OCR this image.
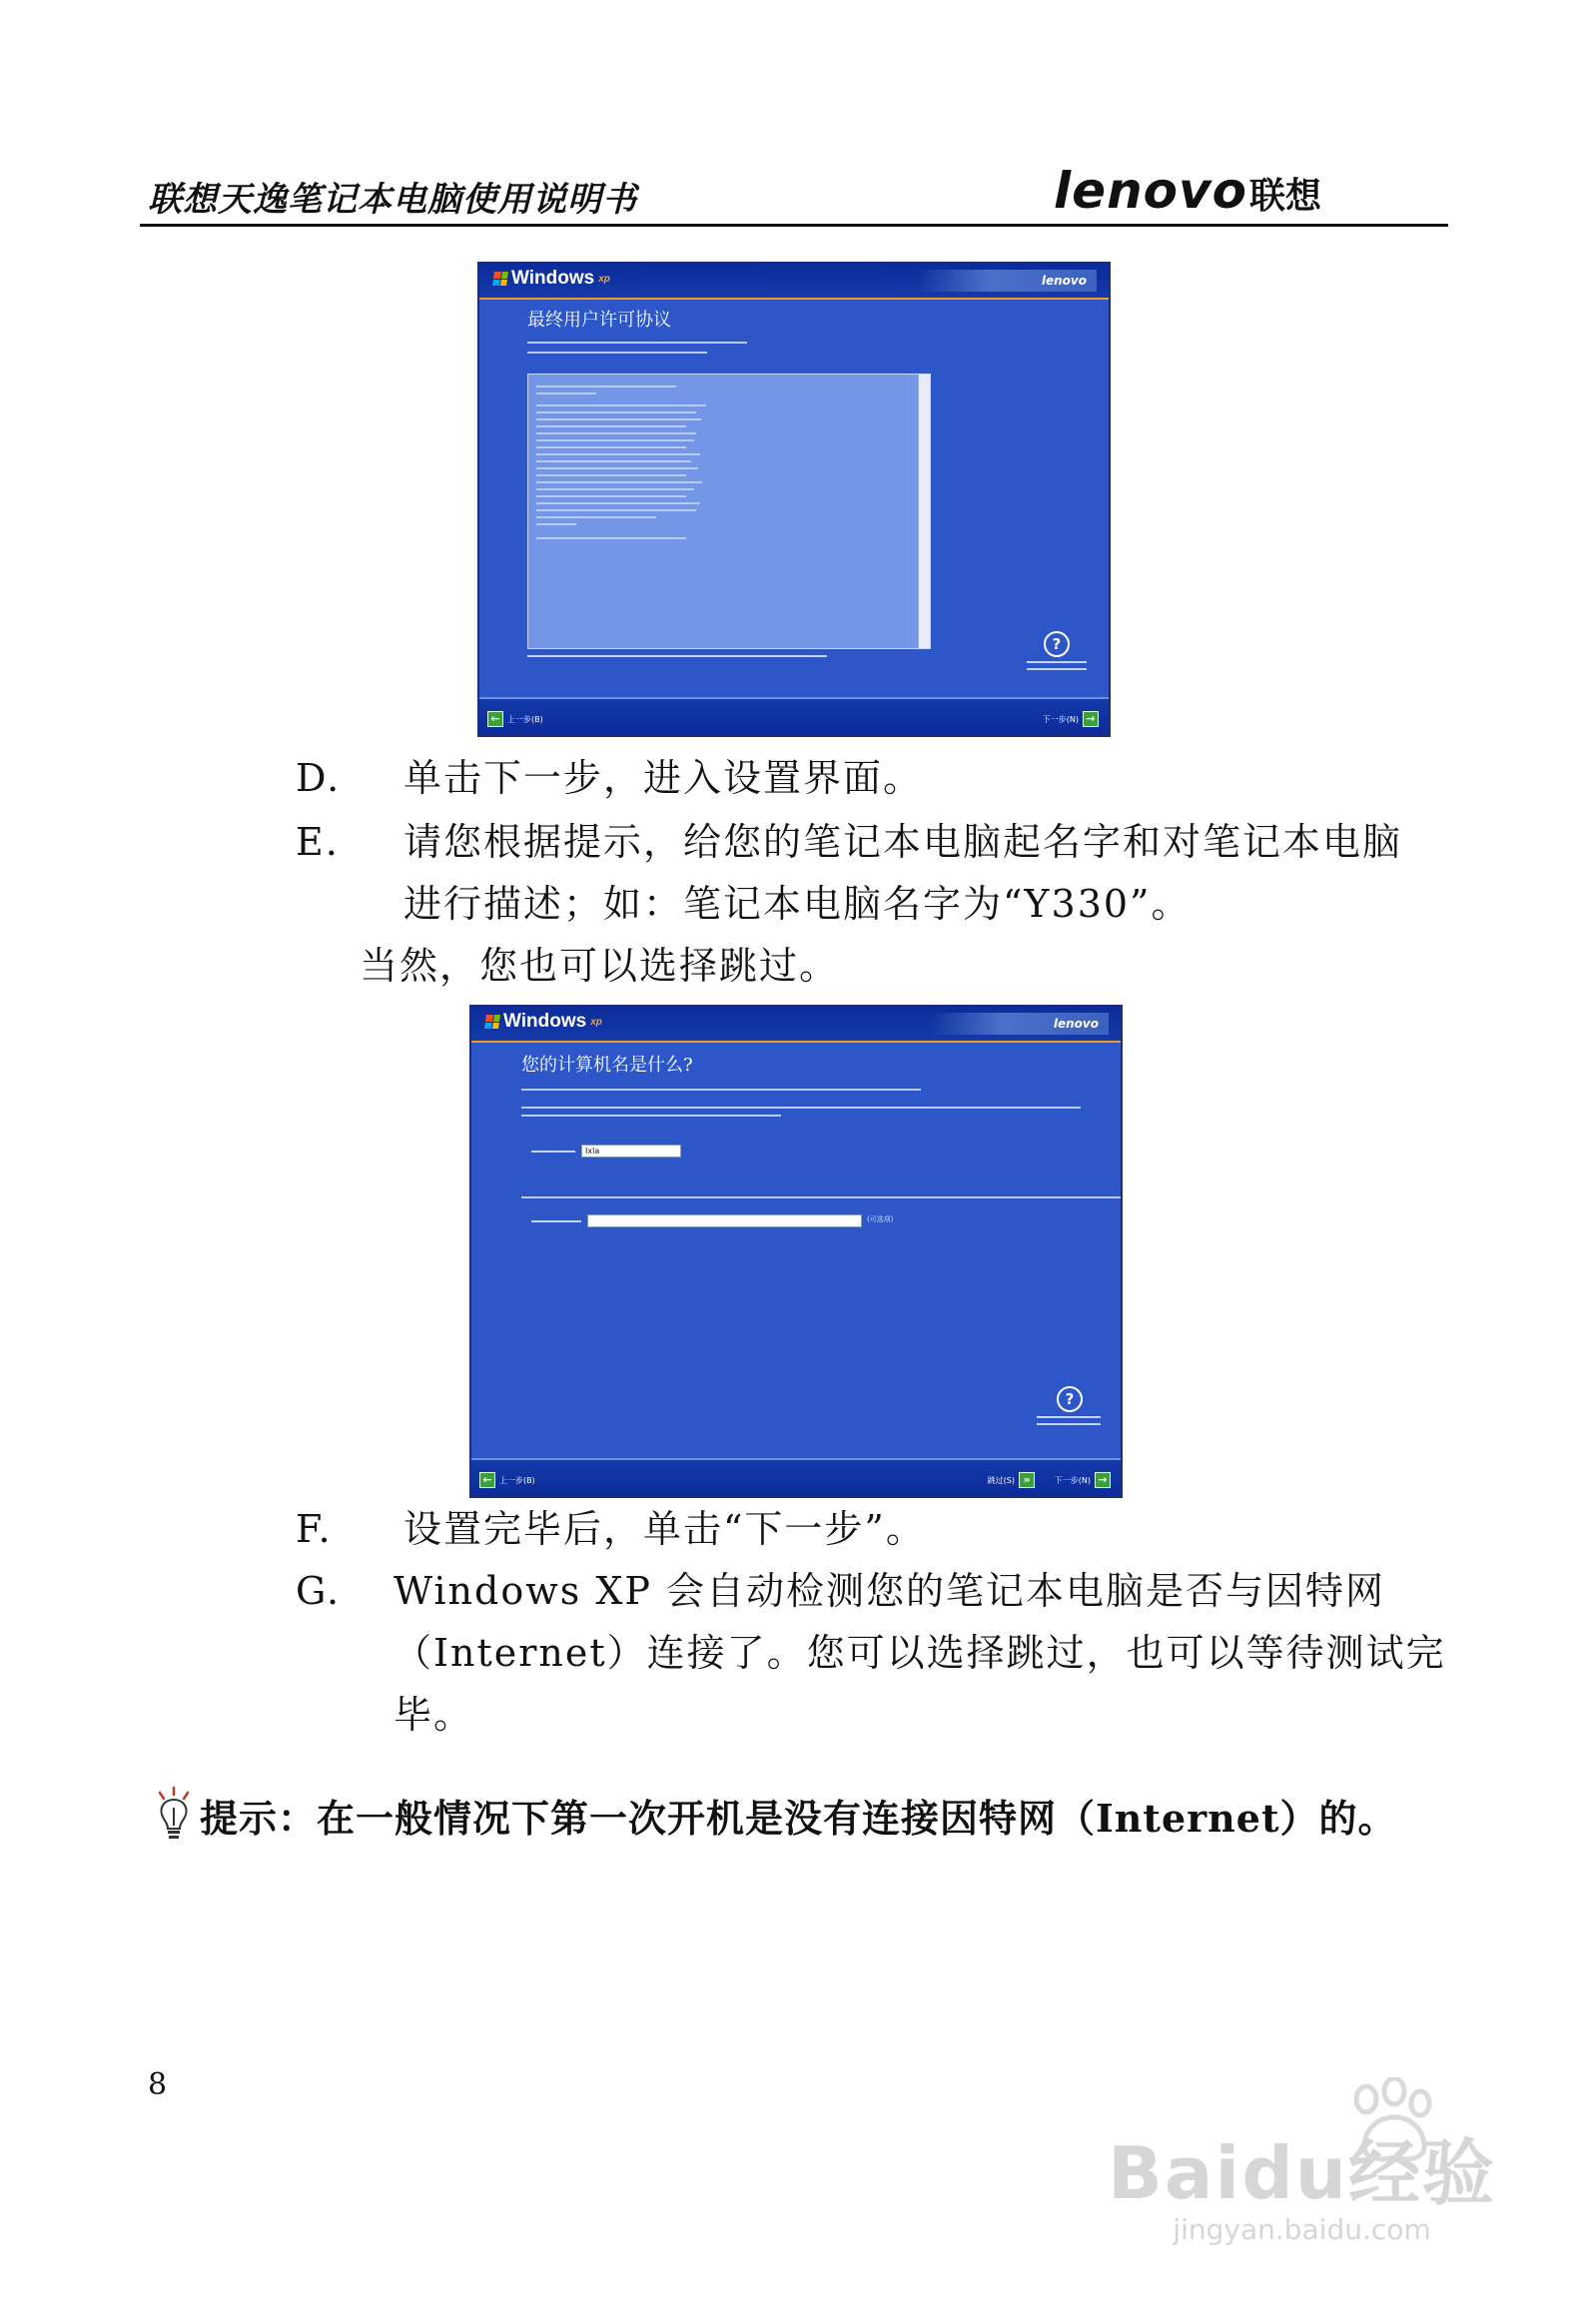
联想天逸笔记本电脑使用说明书	lenovo 联想
Windows xp	lenovo
最终用户许可协议
?
← 上一步(B)	下一步(N) →
D. 单击下一步，进入设置界面。
E. 请您根据提示，给您的笔记本电脑起名字和对笔记本电脑
进行描述；如：笔记本电脑名字为“Y330”。
当然，您也可以选择跳过。
Windows xp	lenovo
您的计算机名是什么?
Ixla
(可选项)
?
← 上一步(B)	跳过(S) »	下一步(N) →
F. 设置完毕后，单击“下一步”。
G. Windows XP 会自动检测您的笔记本电脑是否与因特网
（Internet）连接了。您可以选择跳过，也可以等待测试完
毕。
提示：在一般情况下第一次开机是没有连接因特网（Internet）的。
8
Baidu经验
jingyan.baidu.com
